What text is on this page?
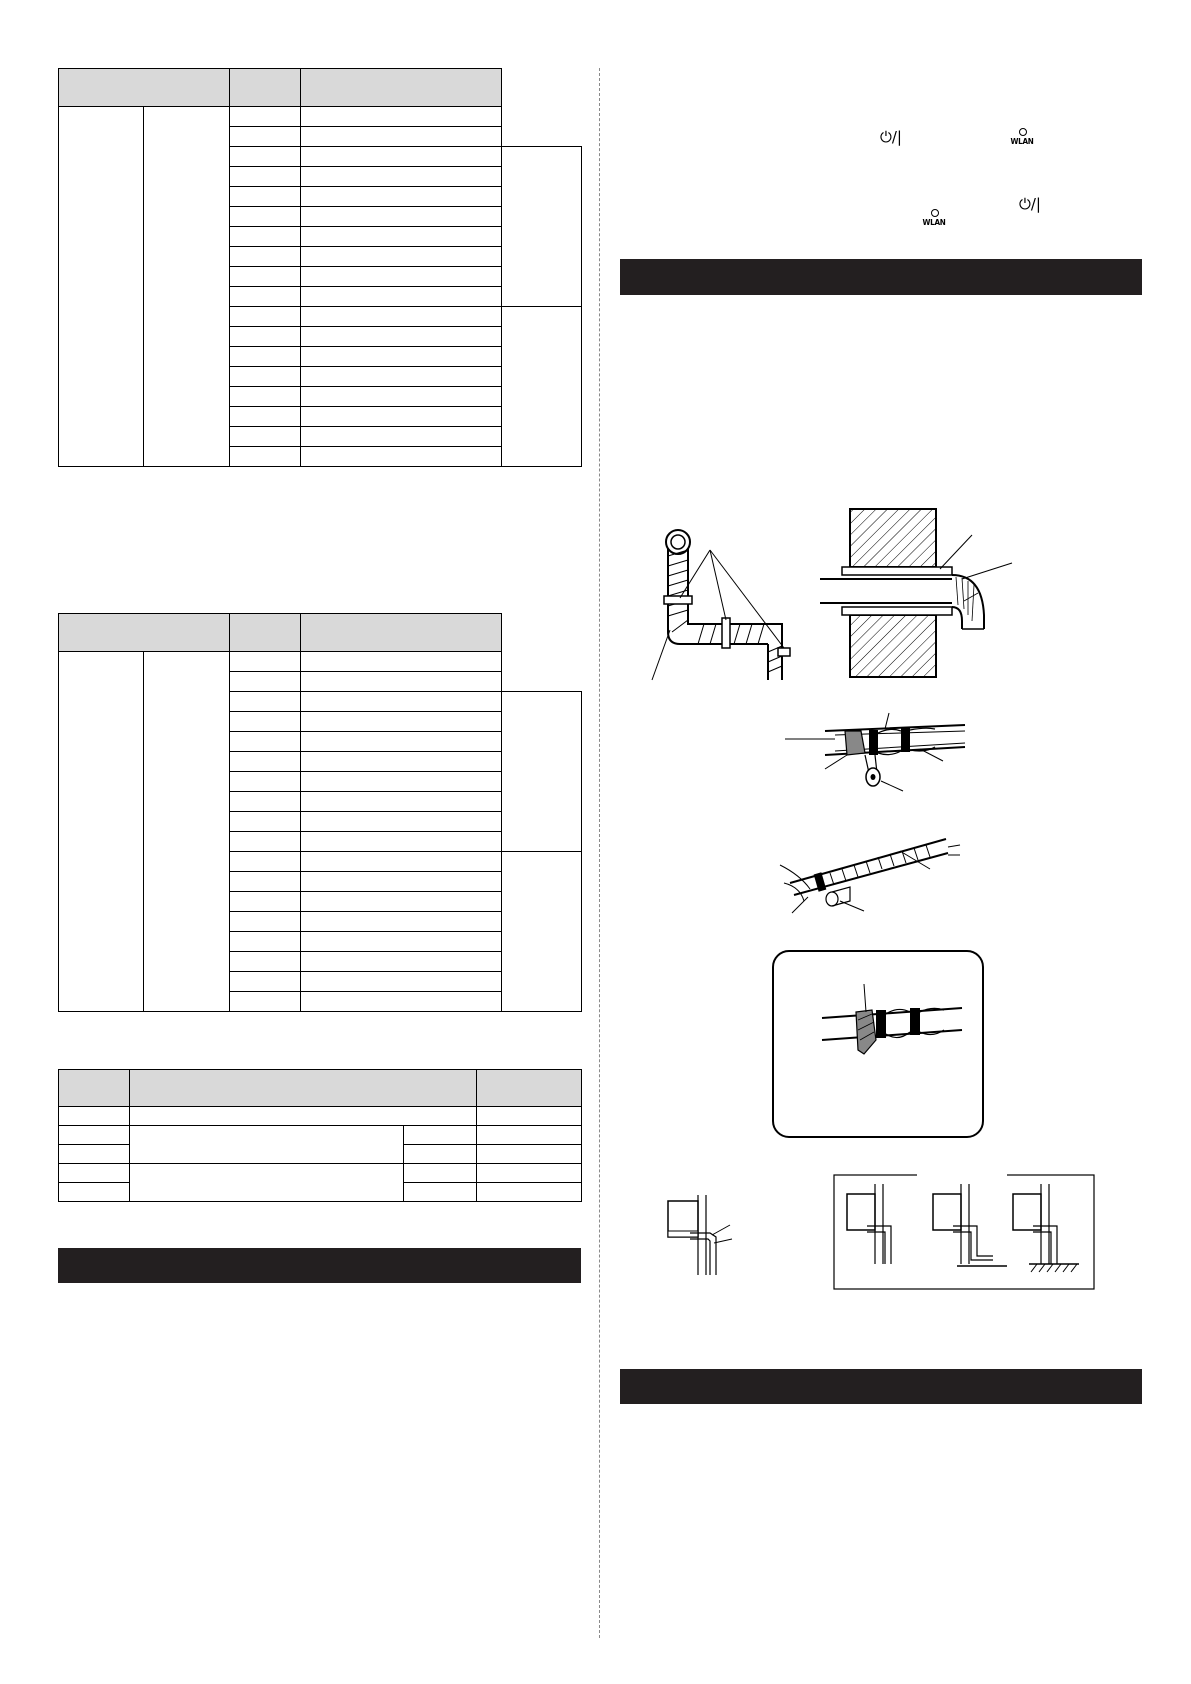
⏻/|	WLAN
⏻/|
WLAN
